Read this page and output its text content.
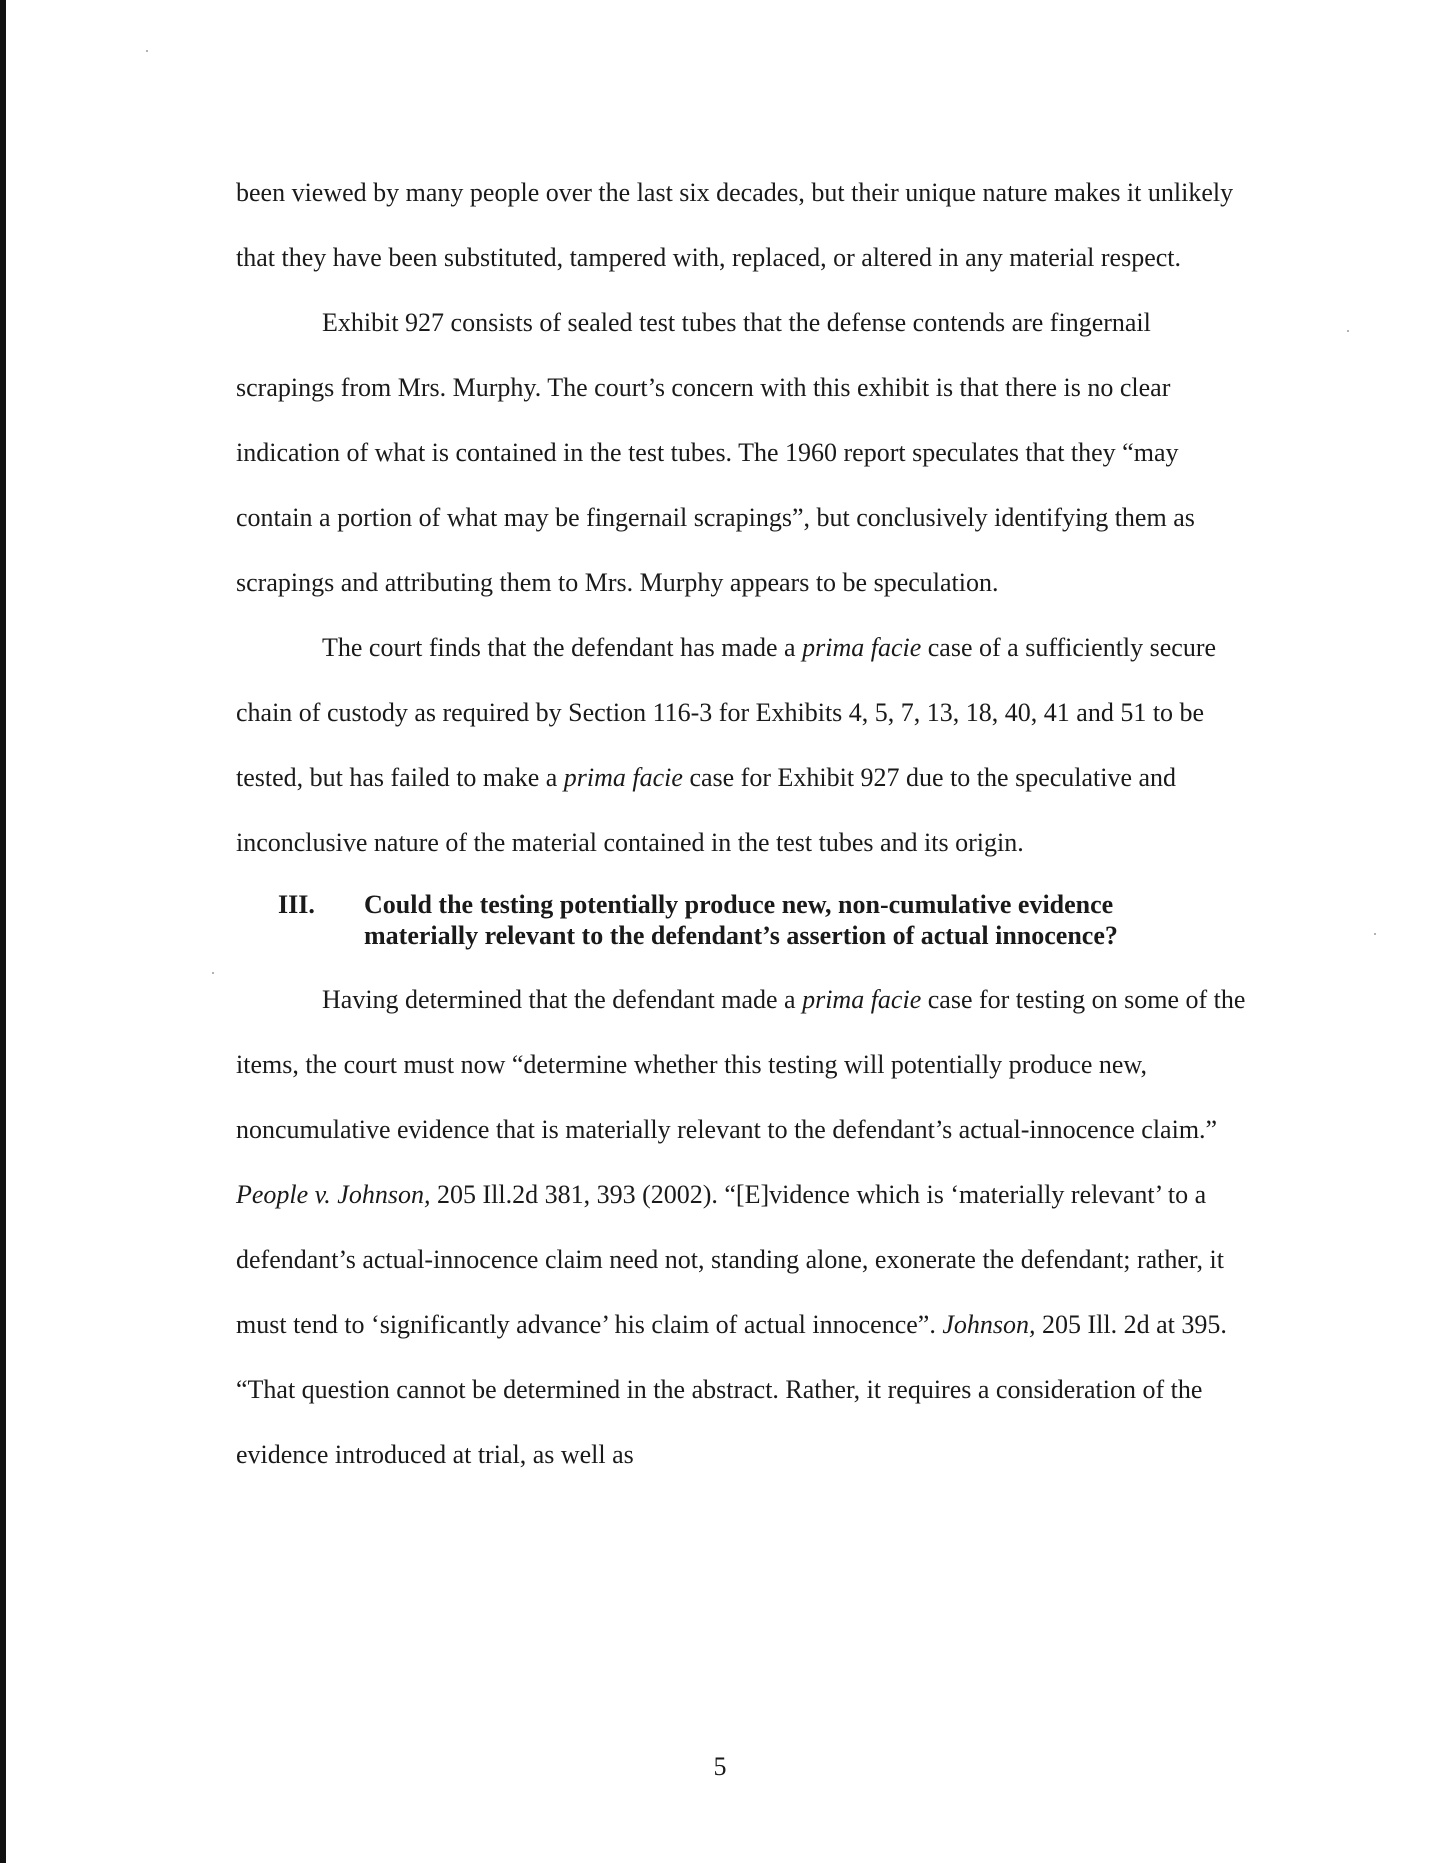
been viewed by many people over the last six decades, but their unique nature makes it unlikely that they have been substituted, tampered with, replaced, or altered in any material respect.

Exhibit 927 consists of sealed test tubes that the defense contends are fingernail scrapings from Mrs. Murphy. The court’s concern with this exhibit is that there is no clear indication of what is contained in the test tubes. The 1960 report speculates that they “may contain a portion of what may be fingernail scrapings”, but conclusively identifying them as scrapings and attributing them to Mrs. Murphy appears to be speculation.

The court finds that the defendant has made a prima facie case of a sufficiently secure chain of custody as required by Section 116-3 for Exhibits 4, 5, 7, 13, 18, 40, 41 and 51 to be tested, but has failed to make a prima facie case for Exhibit 927 due to the speculative and inconclusive nature of the material contained in the test tubes and its origin.

III.	Could the testing potentially produce new, non-cumulative evidence materially relevant to the defendant’s assertion of actual innocence?

Having determined that the defendant made a prima facie case for testing on some of the items, the court must now “determine whether this testing will potentially produce new, noncumulative evidence that is materially relevant to the defendant’s actual-innocence claim.” People v. Johnson, 205 Ill.2d 381, 393 (2002). “[E]vidence which is ‘materially relevant’ to a defendant’s actual-innocence claim need not, standing alone, exonerate the defendant; rather, it must tend to ‘significantly advance’ his claim of actual innocence”. Johnson, 205 Ill. 2d at 395. “That question cannot be determined in the abstract. Rather, it requires a consideration of the evidence introduced at trial, as well as

5
